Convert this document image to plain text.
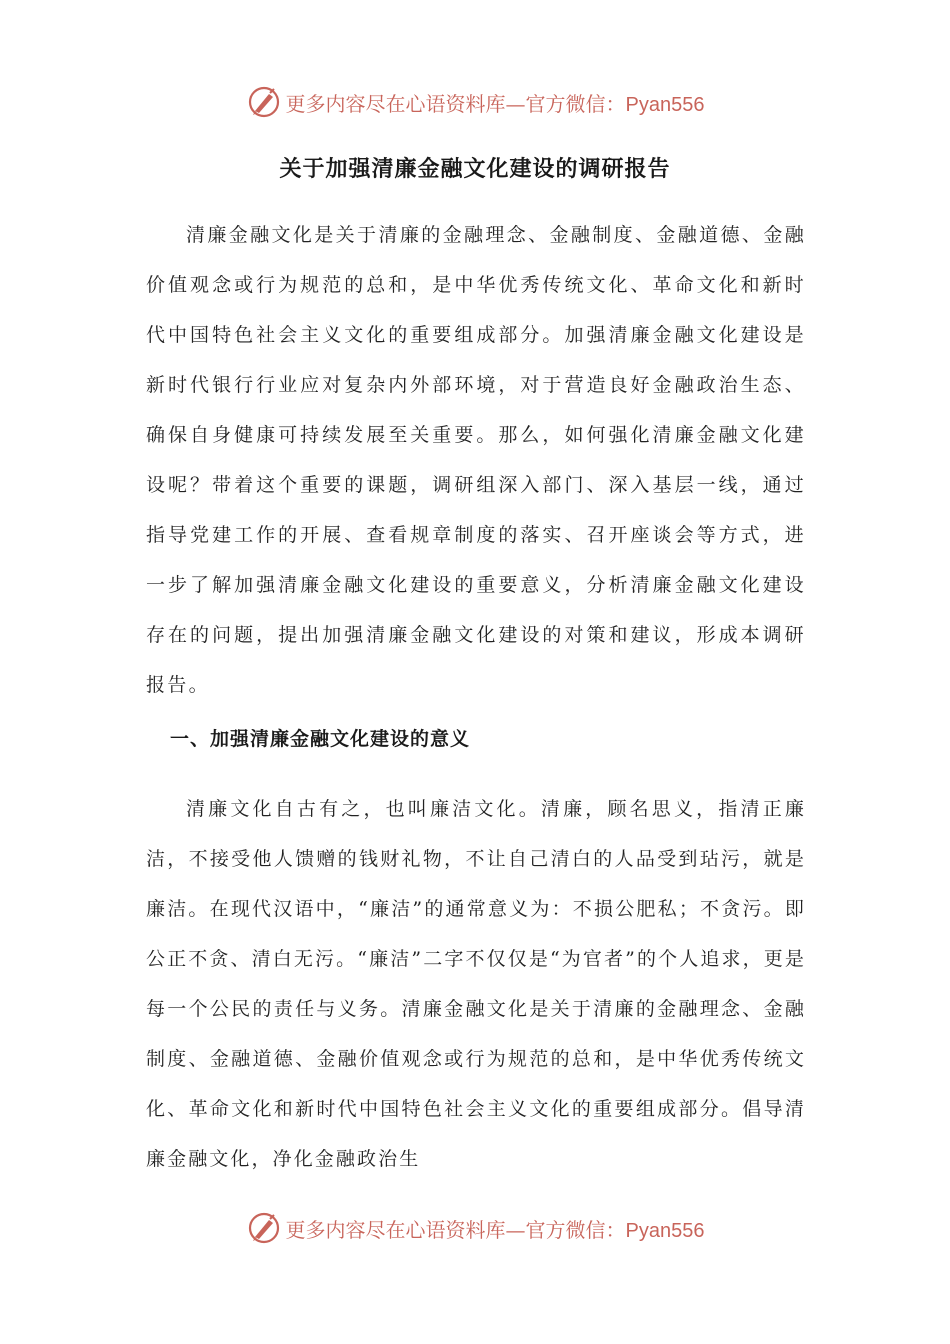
更多内容尽在心语资料库—官方微信：Pyan556
关于加强清廉金融文化建设的调研报告

清廉金融文化是关于清廉的金融理念、金融制度、金融道德、金融价值观念或行为规范的总和，是中华优秀传统文化、革命文化和新时代中国特色社会主义文化的重要组成部分。加强清廉金融文化建设是新时代银行行业应对复杂内外部环境，对于营造良好金融政治生态、确保自身健康可持续发展至关重要。那么，如何强化清廉金融文化建设呢？带着这个重要的课题，调研组深入部门、深入基层一线，通过指导党建工作的开展、查看规章制度的落实、召开座谈会等方式，进一步了解加强清廉金融文化建设的重要意义，分析清廉金融文化建设存在的问题，提出加强清廉金融文化建设的对策和建议，形成本调研报告。

一、加强清廉金融文化建设的意义

清廉文化自古有之，也叫廉洁文化。清廉，顾名思义，指清正廉洁，不接受他人馈赠的钱财礼物，不让自己清白的人品受到玷污，就是廉洁。在现代汉语中，“廉洁”的通常意义为：不损公肥私；不贪污。即公正不贪、清白无污。“廉洁”二字不仅仅是“为官者”的个人追求，更是每一个公民的责任与义务。清廉金融文化是关于清廉的金融理念、金融制度、金融道德、金融价值观念或行为规范的总和，是中华优秀传统文化、革命文化和新时代中国特色社会主义文化的重要组成部分。倡导清廉金融文化，净化金融政治生

更多内容尽在心语资料库—官方微信：Pyan556
